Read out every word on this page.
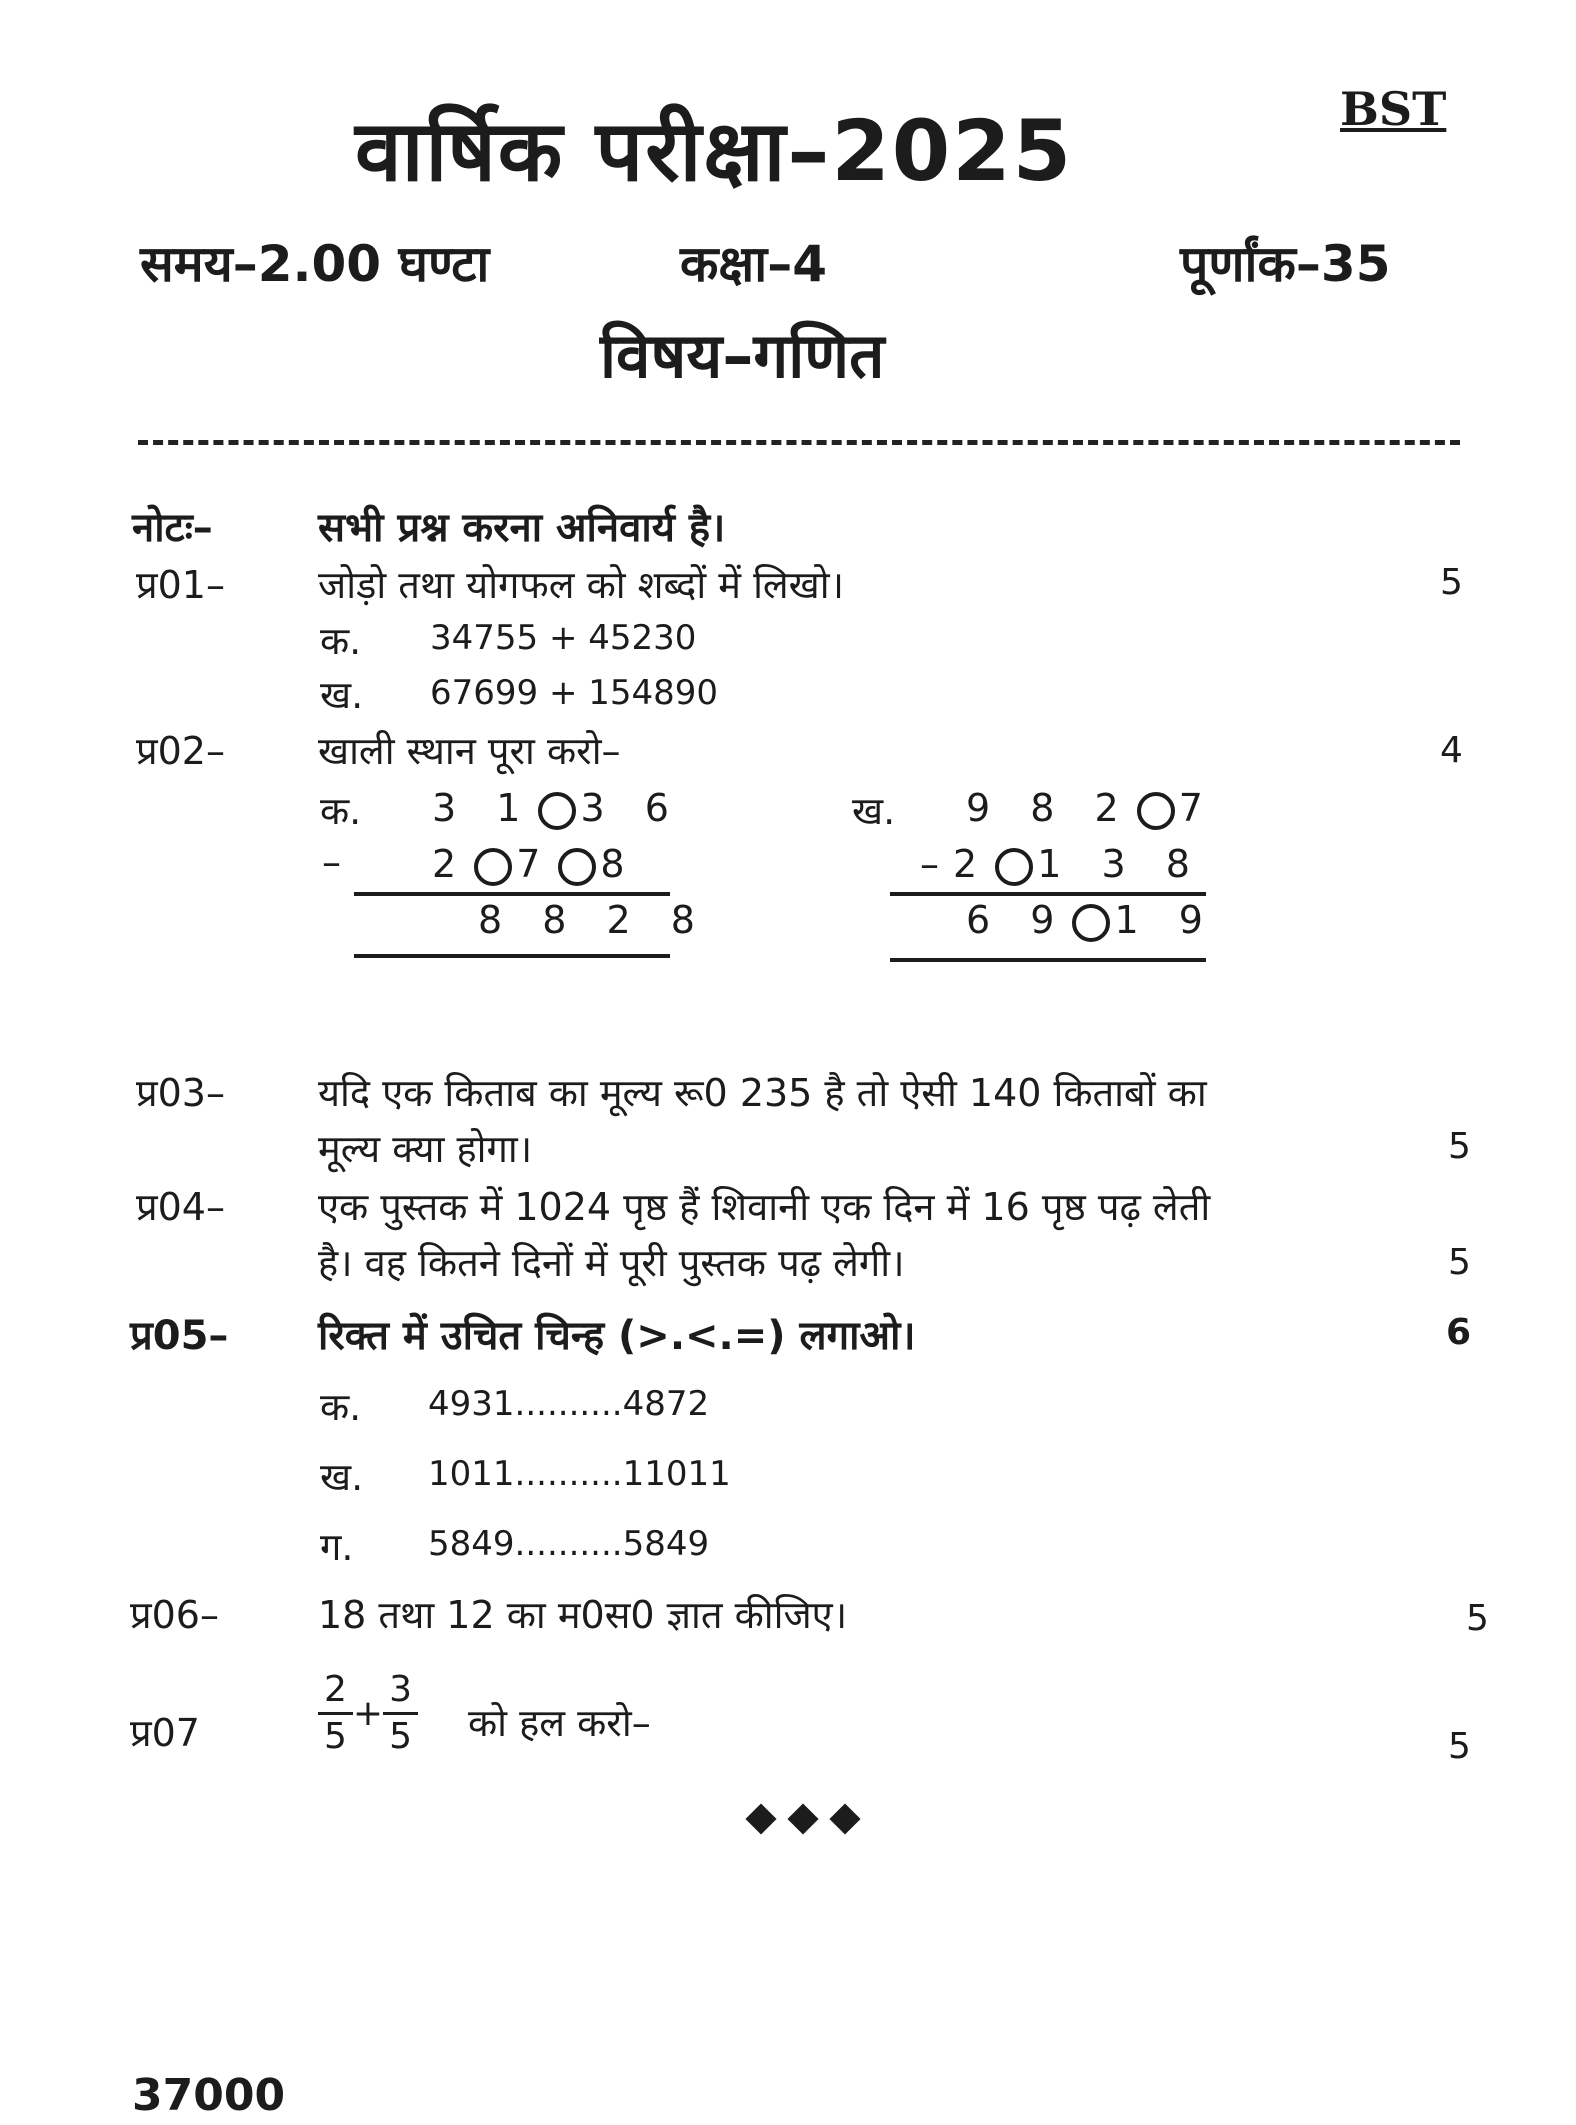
वार्षिक परीक्षा–2025	BST
समय–2.00 घण्टा	कक्षा–4	पूर्णांक–35
विषय–गणित
नोटः–	सभी प्रश्न करना अनिवार्य है।
प्र01– जोड़ो तथा योगफल को शब्दों में लिखो।	5
क. 34755 + 45230
ख. 67699 + 154890
प्र02– खाली स्थान पूरा करो–	4
क. 3 1 3 6
– 2 7 8
8 8 2 8
ख. 9 8 2 7
–2 1 3 8
6 9 1 9
प्र03– यदि एक किताब का मूल्य रू0 235 है तो ऐसी 140 किताबों का
मूल्य क्या होगा।	5
प्र04– एक पुस्तक में 1024 पृष्ठ हैं शिवानी एक दिन में 16 पृष्ठ पढ़ लेती
है। वह कितने दिनों में पूरी पुस्तक पढ़ लेगी।	5
प्र05– रिक्त में उचित चिन्ह (>.<.=) लगाओ।	6
क. 4931..........4872
ख. 1011..........11011
ग. 5849..........5849
प्र06–	18 तथा 12 का म0स0 ज्ञात कीजिए।	5
प्र07	$\frac{2}{5} + \frac{3}{5}$ को हल करो–
5
37000
